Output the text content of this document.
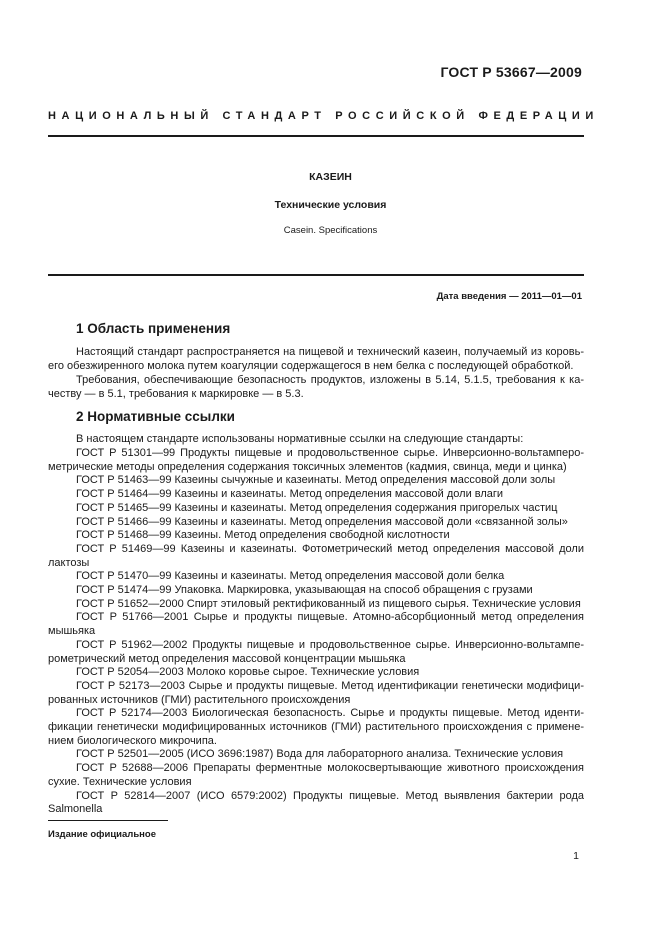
ГОСТ Р 53667—2009
НАЦИОНАЛЬНЫЙ СТАНДАРТ РОССИЙСКОЙ ФЕДЕРАЦИИ
КАЗЕИН
Технические условия
Casein. Specifications
Дата введения — 2011—01—01
1 Область применения
Настоящий стандарт распространяется на пищевой и технический казеин, получаемый из коровь-
его обезжиренного молока путем коагуляции содержащегося в нем белка с последующей обработкой.
Требования, обеспечивающие безопасность продуктов, изложены в 5.14, 5.1.5, требования к ка-
честву — в 5.1, требования к маркировке — в 5.3.
2 Нормативные ссылки
В настоящем стандарте использованы нормативные ссылки на следующие стандарты:
ГОСТ Р 51301—99 Продукты пищевые и продовольственное сырье. Инверсионно-вольтамперо-
метрические методы определения содержания токсичных элементов (кадмия, свинца, меди и цинка)
ГОСТ Р 51463—99 Казеины сычужные и казеинаты. Метод определения массовой доли золы
ГОСТ Р 51464—99 Казеины и казеинаты. Метод определения массовой доли влаги
ГОСТ Р 51465—99 Казеины и казеинаты. Метод определения содержания пригорелых частиц
ГОСТ Р 51466—99 Казеины и казеинаты. Метод определения массовой доли «связанной золы»
ГОСТ Р 51468—99 Казеины. Метод определения свободной кислотности
ГОСТ Р 51469—99 Казеины и казеинаты. Фотометрический метод определения массовой доли
лактозы
ГОСТ Р 51470—99 Казеины и казеинаты. Метод определения массовой доли белка
ГОСТ Р 51474—99 Упаковка. Маркировка, указывающая на способ обращения с грузами
ГОСТ Р 51652—2000 Спирт этиловый ректификованный из пищевого сырья. Технические условия
ГОСТ Р 51766—2001 Сырье и продукты пищевые. Атомно-абсорбционный метод определения
мышьяка
ГОСТ Р 51962—2002 Продукты пищевые и продовольственное сырье. Инверсионно-вольтампе-
рометрический метод определения массовой концентрации мышьяка
ГОСТ Р 52054—2003 Молоко коровье сырое. Технические условия
ГОСТ Р 52173—2003 Сырье и продукты пищевые. Метод идентификации генетически модифици-
рованных источников (ГМИ) растительного происхождения
ГОСТ Р 52174—2003 Биологическая безопасность. Сырье и продукты пищевые. Метод иденти-
фикации генетически модифицированных источников (ГМИ) растительного происхождения с примене-
нием биологического микрочипа.
ГОСТ Р 52501—2005 (ИСО 3696:1987) Вода для лабораторного анализа. Технические условия
ГОСТ Р 52688—2006 Препараты ферментные молокосвертывающие животного происхождения
сухие. Технические условия
ГОСТ Р 52814—2007 (ИСО 6579:2002) Продукты пищевые. Метод выявления бактерии рода
Salmonella
Издание официальное
1
